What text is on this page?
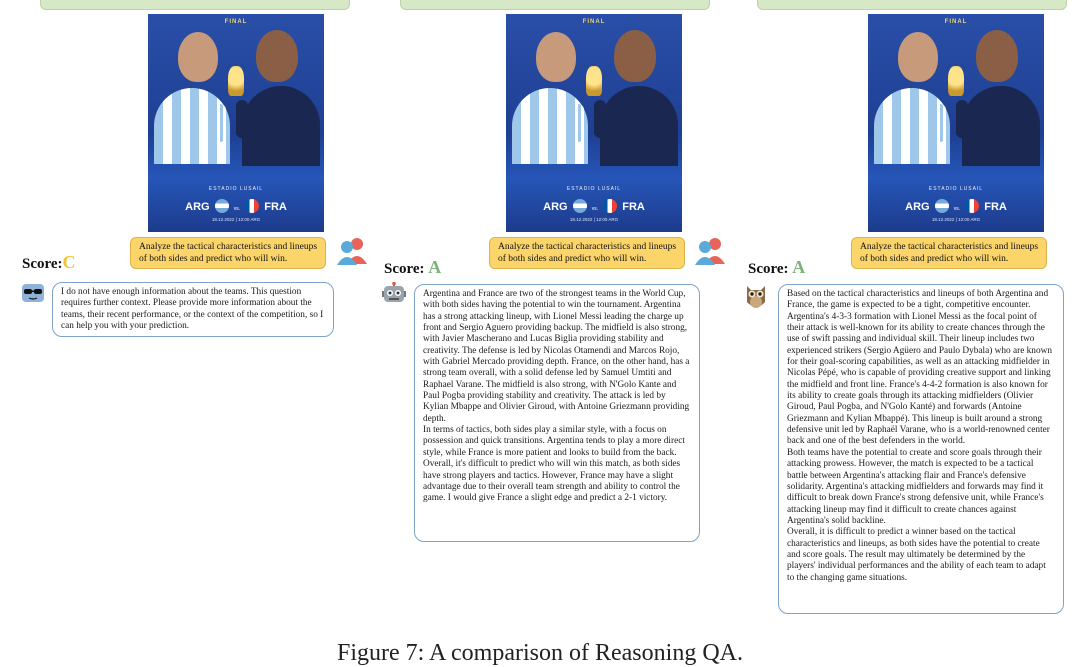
FINAL
ESTADIO LUSAIL
ARG	vs. FRA
18.12.2022 | 12:00 ARG
Analyze the tactical characteristics and lineups of both sides and predict who will win.
Score:C
I do not have enough information about the teams. This question requires further context. Please provide more information about the teams, their recent performance, or the context of the competition, so I can help you with your prediction.
FINAL
ESTADIO LUSAIL
ARG	vs. FRA
18.12.2022 | 12:00 ARG
Analyze the tactical characteristics and lineups of both sides and predict who will win.
Score: A
Argentina and France are two of the strongest teams in the World Cup, with both sides having the potential to win the tournament. Argentina has a strong attacking lineup, with Lionel Messi leading the charge up front and Sergio Aguero providing backup. The midfield is also strong, with Javier Mascherano and Lucas Biglia providing stability and creativity. The defense is led by Nicolas Otamendi and Marcos Rojo, with Gabriel Mercado providing depth. France, on the other hand, has a strong team overall, with a solid defense led by Samuel Umtiti and Raphael Varane. The midfield is also strong, with N'Golo Kante and Paul Pogba providing stability and creativity. The attack is led by Kylian Mbappe and Olivier Giroud, with Antoine Griezmann providing depth.
In terms of tactics, both sides play a similar style, with a focus on possession and quick transitions. Argentina tends to play a more direct style, while France is more patient and looks to build from the back.
Overall, it's difficult to predict who will win this match, as both sides have strong players and tactics. However, France may have a slight advantage due to their overall team strength and ability to control the game. I would give France a slight edge and predict a 2-1 victory.
FINAL
ESTADIO LUSAIL
ARG	vs. FRA
18.12.2022 | 12:00 ARG
Analyze the tactical characteristics and lineups of both sides and predict who will win.
Score: A
Based on the tactical characteristics and lineups of both Argentina and France, the game is expected to be a tight, competitive encounter. Argentina's 4-3-3 formation with Lionel Messi as the focal point of their attack is well-known for its ability to create chances through the use of swift passing and individual skill. Their lineup includes two experienced strikers (Sergio Agüero and Paulo Dybala) who are known for their goal-scoring capabilities, as well as an attacking midfielder in Nicolas Pépé, who is capable of providing creative support and linking the midfield and front line. France's 4-4-2 formation is also known for its ability to create goals through its attacking midfielders (Olivier Giroud, Paul Pogba, and N'Golo Kanté) and forwards (Antoine Griezmann and Kylian Mbappé). This lineup is built around a strong defensive unit led by Raphaël Varane, who is a world-renowned center back and one of the best defenders in the world.
Both teams have the potential to create and score goals through their attacking prowess. However, the match is expected to be a tactical battle between Argentina's attacking flair and France's defensive solidarity. Argentina's attacking midfielders and forwards may find it difficult to break down France's strong defensive unit, while France's attacking lineup may find it difficult to create chances against Argentina's solid backline.
Overall, it is difficult to predict a winner based on the tactical characteristics and lineups, as both sides have the potential to create and score goals. The result may ultimately be determined by the players' individual performances and the ability of each team to adapt to the changing game situations.
Figure 7: A comparison of Reasoning QA.
